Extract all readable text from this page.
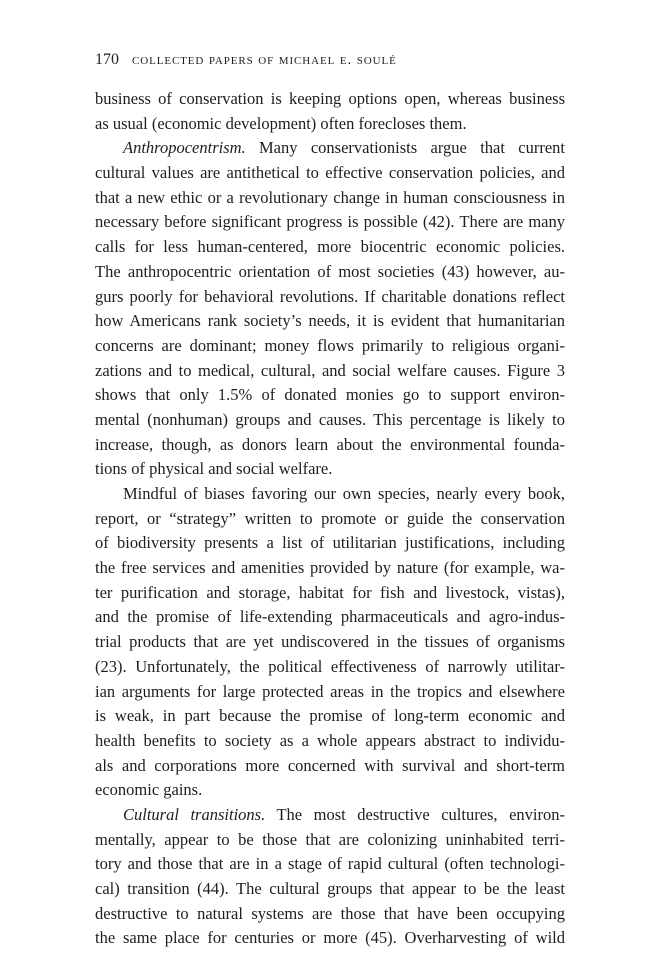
170 collected papers of michael e. soulé
business of conservation is keeping options open, whereas business
as usual (economic development) often forecloses them.
Anthropocentrism. Many conservationists argue that current
cultural values are antithetical to effective conservation policies, and
that a new ethic or a revolutionary change in human consciousness in
necessary before significant progress is possible (42). There are many
calls for less human-centered, more biocentric economic policies.
The anthropocentric orientation of most societies (43) however, au-
gurs poorly for behavioral revolutions. If charitable donations reflect
how Americans rank society’s needs, it is evident that humanitarian
concerns are dominant; money flows primarily to religious organi-
zations and to medical, cultural, and social welfare causes. Figure 3
shows that only 1.5% of donated monies go to support environ-
mental (nonhuman) groups and causes. This percentage is likely to
increase, though, as donors learn about the environmental founda-
tions of physical and social welfare.
Mindful of biases favoring our own species, nearly every book,
report, or “strategy” written to promote or guide the conservation
of biodiversity presents a list of utilitarian justifications, including
the free services and amenities provided by nature (for example, wa-
ter purification and storage, habitat for fish and livestock, vistas),
and the promise of life-extending pharmaceuticals and agro-indus-
trial products that are yet undiscovered in the tissues of organisms
(23). Unfortunately, the political effectiveness of narrowly utilitar-
ian arguments for large protected areas in the tropics and elsewhere
is weak, in part because the promise of long-term economic and
health benefits to society as a whole appears abstract to individu-
als and corporations more concerned with survival and short-term
economic gains.
Cultural transitions. The most destructive cultures, environ-
mentally, appear to be those that are colonizing uninhabited terri-
tory and those that are in a stage of rapid cultural (often technologi-
cal) transition (44). The cultural groups that appear to be the least
destructive to natural systems are those that have been occupying
the same place for centuries or more (45). Overharvesting of wild
